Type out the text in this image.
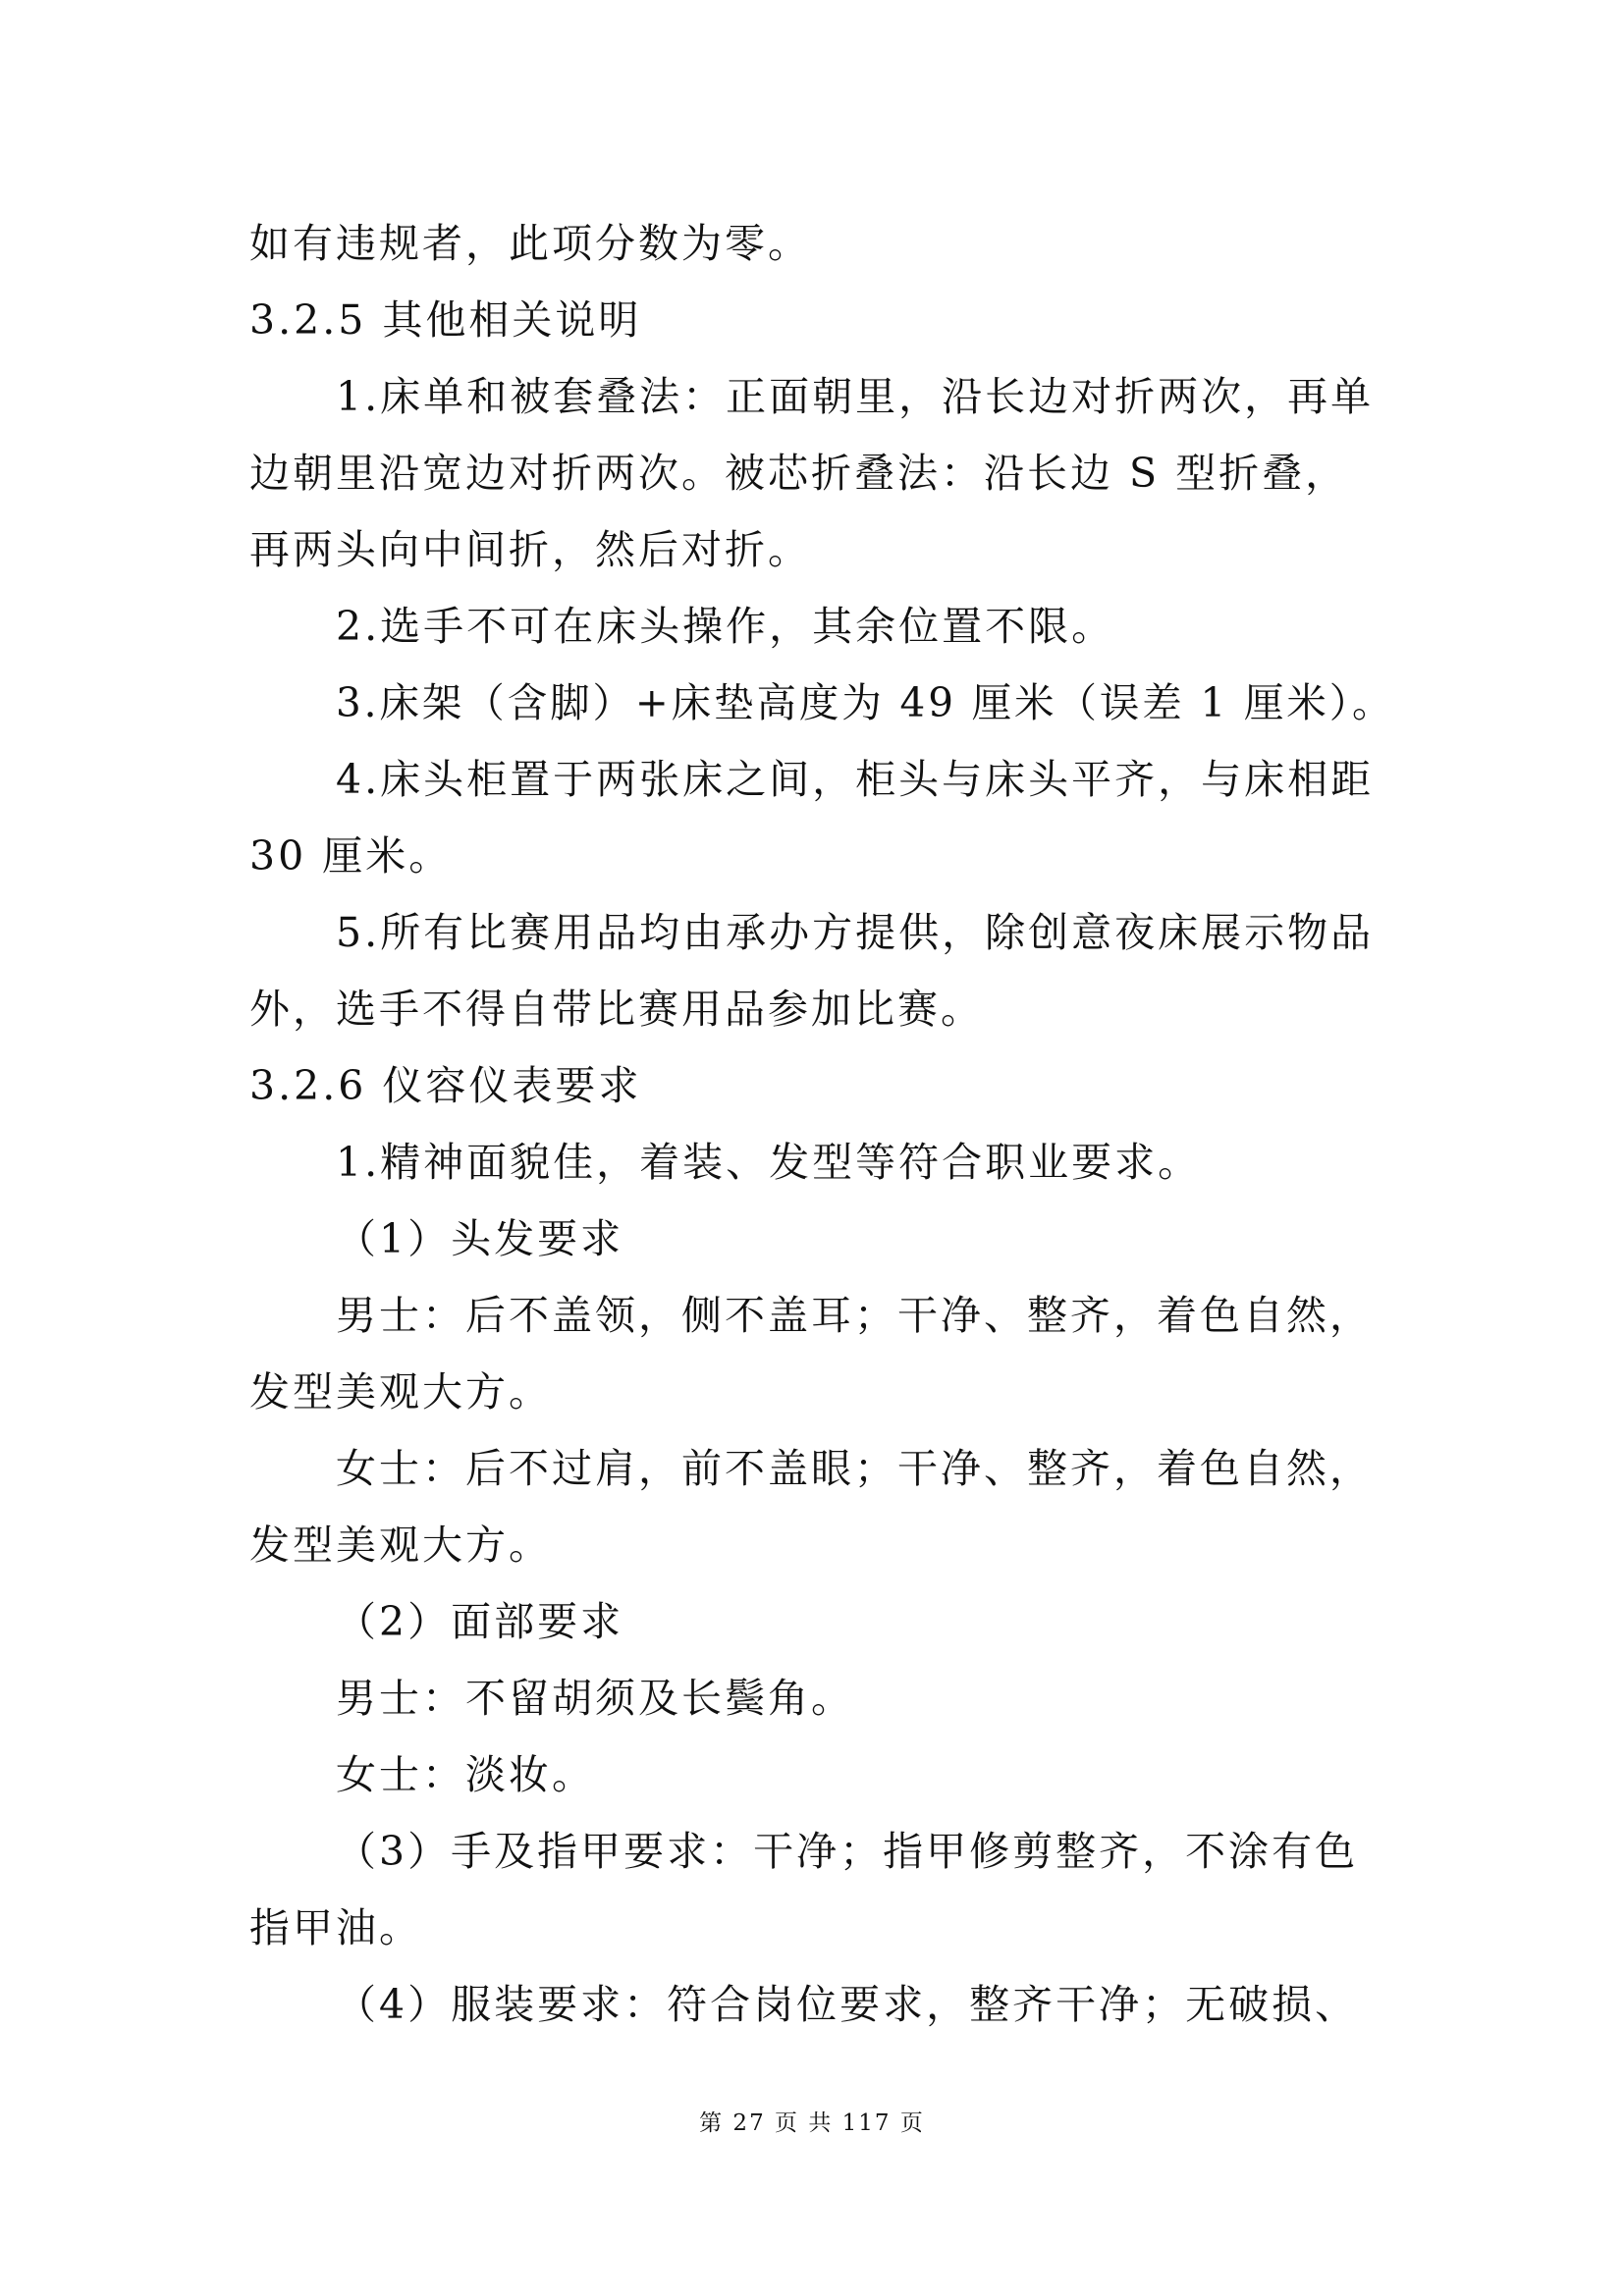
第 27 页 共 117 页

如有违规者，此项分数为零。

3.2.5 其他相关说明

1.床单和被套叠法：正面朝里，沿长边对折两次，再单

边朝里沿宽边对折两次。被芯折叠法：沿长边 S 型折叠，

再两头向中间折，然后对折。

2.选手不可在床头操作，其余位置不限。

3.床架（含脚）+床垫高度为 49 厘米（误差 1 厘米）。

4.床头柜置于两张床之间，柜头与床头平齐，与床相距

30 厘米。

5.所有比赛用品均由承办方提供，除创意夜床展示物品

外，选手不得自带比赛用品参加比赛。

3.2.6 仪容仪表要求

1.精神面貌佳，着装、发型等符合职业要求。

（1）头发要求

男士：后不盖领，侧不盖耳；干净、整齐，着色自然，

发型美观大方。

女士：后不过肩，前不盖眼；干净、整齐，着色自然，

发型美观大方。

（2）面部要求

男士：不留胡须及长鬓角。

女士：淡妆。

（3）手及指甲要求：干净；指甲修剪整齐，不涂有色

指甲油。

（4）服装要求：符合岗位要求，整齐干净；无破损、
